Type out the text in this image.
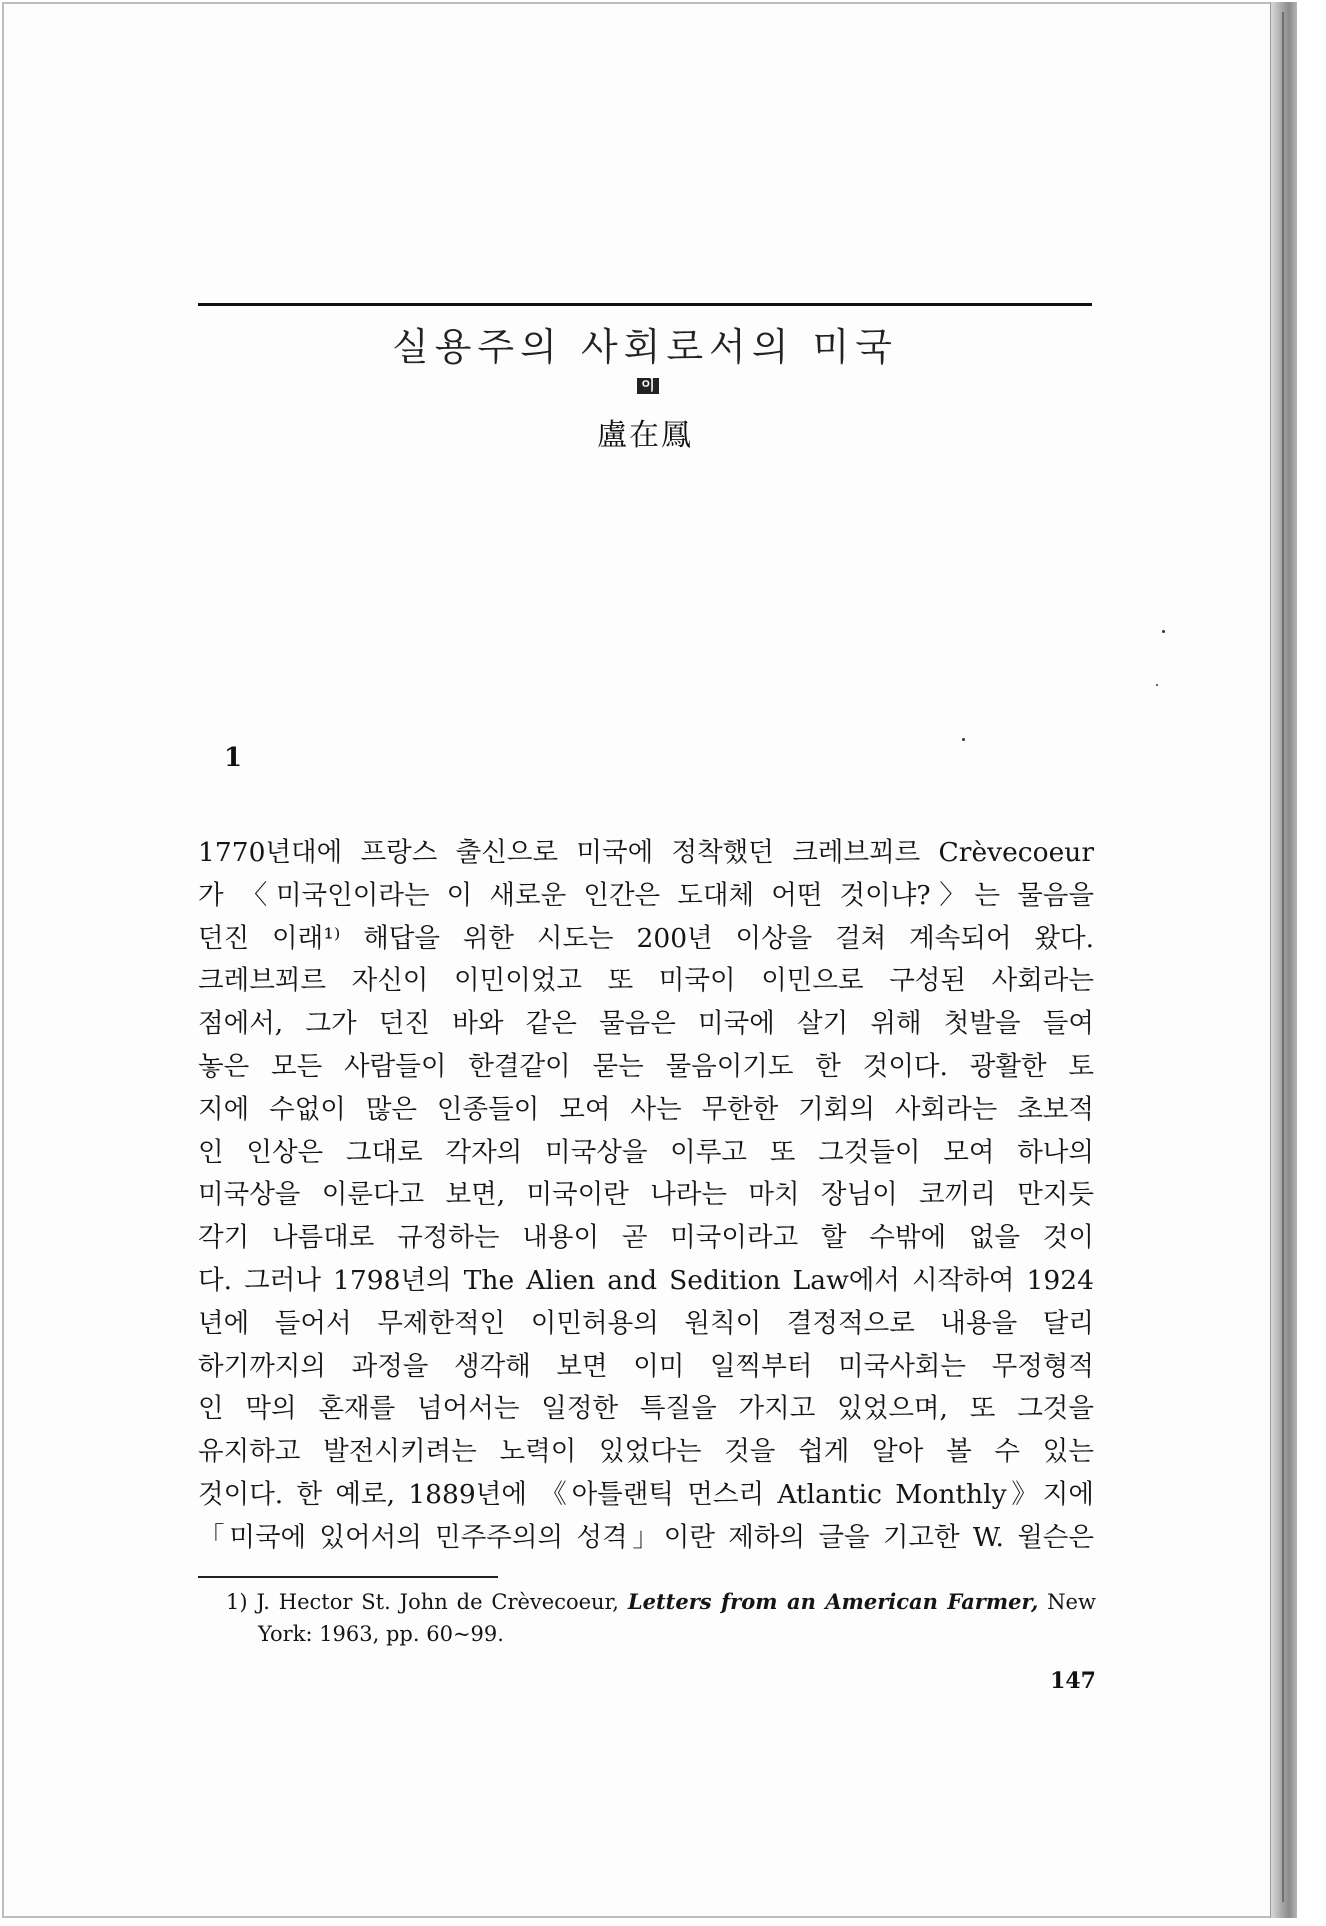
실용주의 사회로서의 미국
이
盧在鳳
1
1770년대에 프랑스 출신으로 미국에 정착했던 크레브꾀르 Crèvecoeur
가 〈미국인이라는 이 새로운 인간은 도대체 어떤 것이냐?〉는 물음을
던진 이래¹⁾ 해답을 위한 시도는 200년 이상을 걸쳐 계속되어 왔다.
크레브꾀르 자신이 이민이었고 또 미국이 이민으로 구성된 사회라는
점에서, 그가 던진 바와 같은 물음은 미국에 살기 위해 첫발을 들여
놓은 모든 사람들이 한결같이 묻는 물음이기도 한 것이다. 광활한 토
지에 수없이 많은 인종들이 모여 사는 무한한 기회의 사회라는 초보적
인 인상은 그대로 각자의 미국상을 이루고 또 그것들이 모여 하나의
미국상을 이룬다고 보면, 미국이란 나라는 마치 장님이 코끼리 만지듯
각기 나름대로 규정하는 내용이 곧 미국이라고 할 수밖에 없을 것이
다. 그러나 1798년의 The Alien and Sedition Law에서 시작하여 1924
년에 들어서 무제한적인 이민허용의 원칙이 결정적으로 내용을 달리
하기까지의 과정을 생각해 보면 이미 일찍부터 미국사회는 무정형적
인 막의 혼재를 넘어서는 일정한 특질을 가지고 있었으며, 또 그것을
유지하고 발전시키려는 노력이 있었다는 것을 쉽게 알아 볼 수 있는
것이다. 한 예로, 1889년에 《아틀랜틱 먼스리 Atlantic Monthly》지에
「미국에 있어서의 민주주의의 성격」이란 제하의 글을 기고한 W. 윌슨은
1) J. Hector St. John de Crèvecoeur, Letters from an American Farmer, New
York: 1963, pp. 60~99.
147
